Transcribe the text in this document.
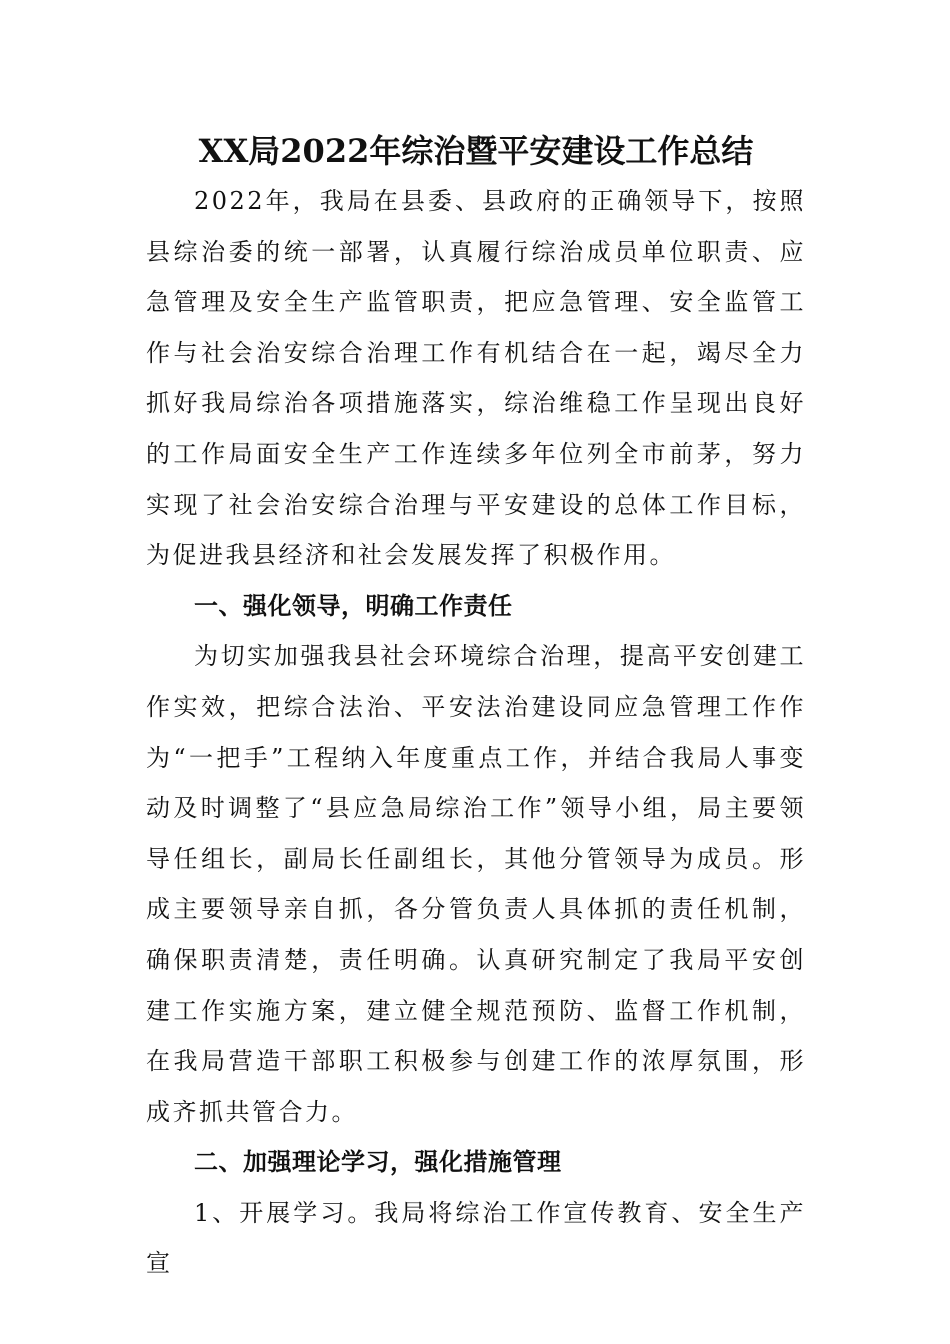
XX局2022年综治暨平安建设工作总结

2022年，我局在县委、县政府的正确领导下，按照县综治委的统一部署，认真履行综治成员单位职责、应急管理及安全生产监管职责，把应急管理、安全监管工作与社会治安综合治理工作有机结合在一起，竭尽全力抓好我局综治各项措施落实，综治维稳工作呈现出良好的工作局面安全生产工作连续多年位列全市前茅，努力实现了社会治安综合治理与平安建设的总体工作目标，为促进我县经济和社会发展发挥了积极作用。

一、强化领导，明确工作责任

为切实加强我县社会环境综合治理，提高平安创建工作实效，把综合法治、平安法治建设同应急管理工作作为“一把手”工程纳入年度重点工作，并结合我局人事变动及时调整了“县应急局综治工作”领导小组，局主要领导任组长，副局长任副组长，其他分管领导为成员。形成主要领导亲自抓，各分管负责人具体抓的责任机制，确保职责清楚，责任明确。认真研究制定了我局平安创建工作实施方案，建立健全规范预防、监督工作机制，在我局营造干部职工积极参与创建工作的浓厚氛围，形成齐抓共管合力。

二、加强理论学习，强化措施管理

1、开展学习。我局将综治工作宣传教育、安全生产宣
